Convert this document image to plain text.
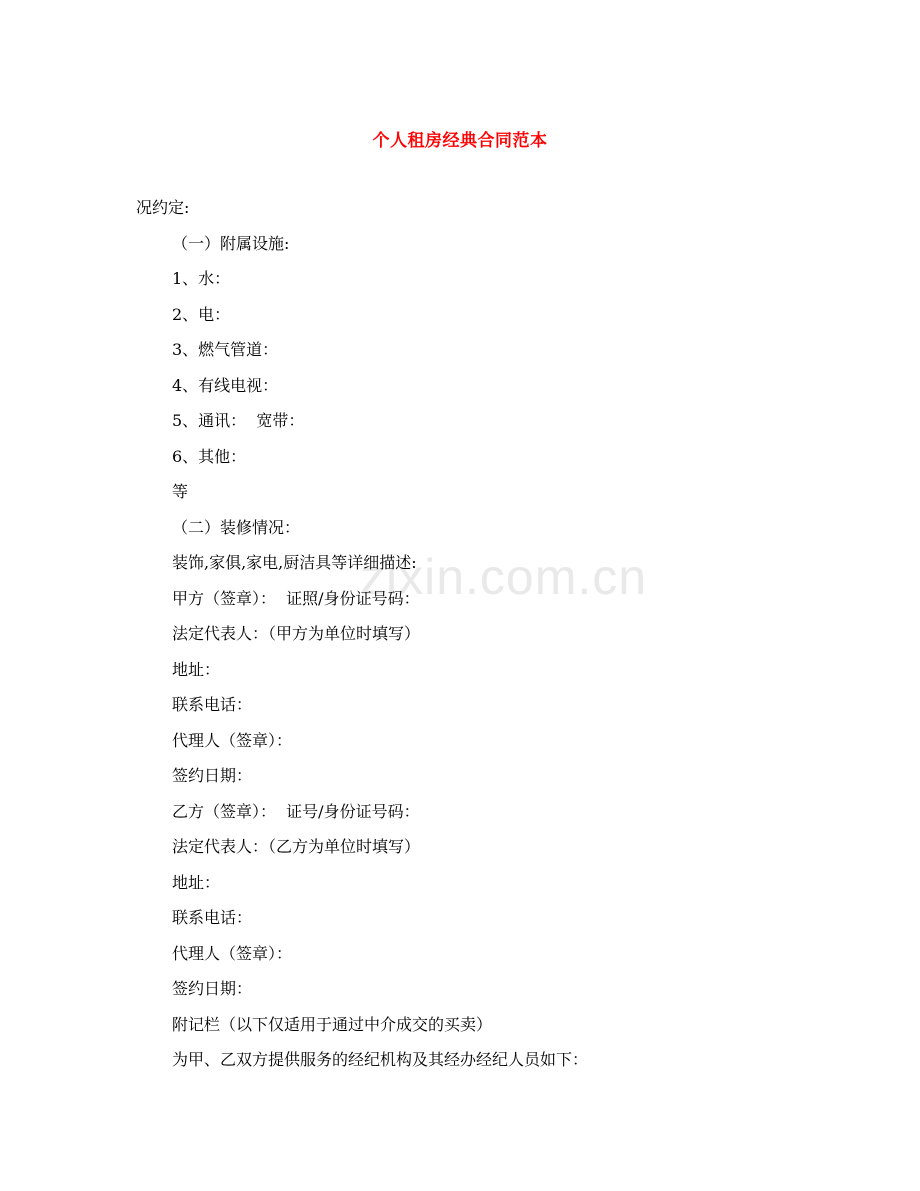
zixin.com.cn
个人租房经典合同范本
况约定:
（一）附属设施:
1、水：
2、电：
3、燃气管道：
4、有线电视：
5、通讯：  宽带：
6、其他：
等
（二）装修情况：
装饰,家俱,家电,厨洁具等详细描述:
甲方（签章）：  证照/身份证号码：
法定代表人：（甲方为单位时填写）
地址：
联系电话：
代理人（签章）：
签约日期：
乙方（签章）：  证号/身份证号码：
法定代表人：（乙方为单位时填写）
地址：
联系电话：
代理人（签章）：
签约日期：
附记栏（以下仅适用于通过中介成交的买卖）
为甲、乙双方提供服务的经纪机构及其经办经纪人员如下：
